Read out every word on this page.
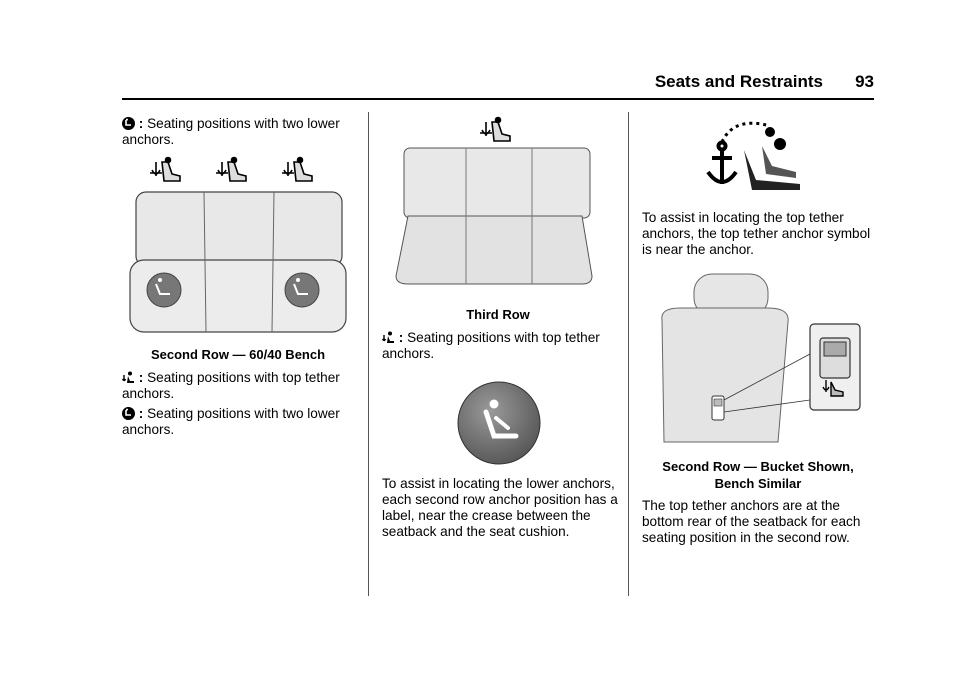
Seats and Restraints 93
: Seating positions with two lower anchors.
Second Row — 60/40 Bench
: Seating positions with top tether anchors.
: Seating positions with two lower anchors.
Third Row
: Seating positions with top tether anchors.
To assist in locating the lower anchors, each second row anchor position has a label, near the crease between the seatback and the seat cushion.
To assist in locating the top tether anchors, the top tether anchor symbol is near the anchor.
Second Row — Bucket Shown,
Bench Similar
The top tether anchors are at the bottom rear of the seatback for each seating position in the second row.
